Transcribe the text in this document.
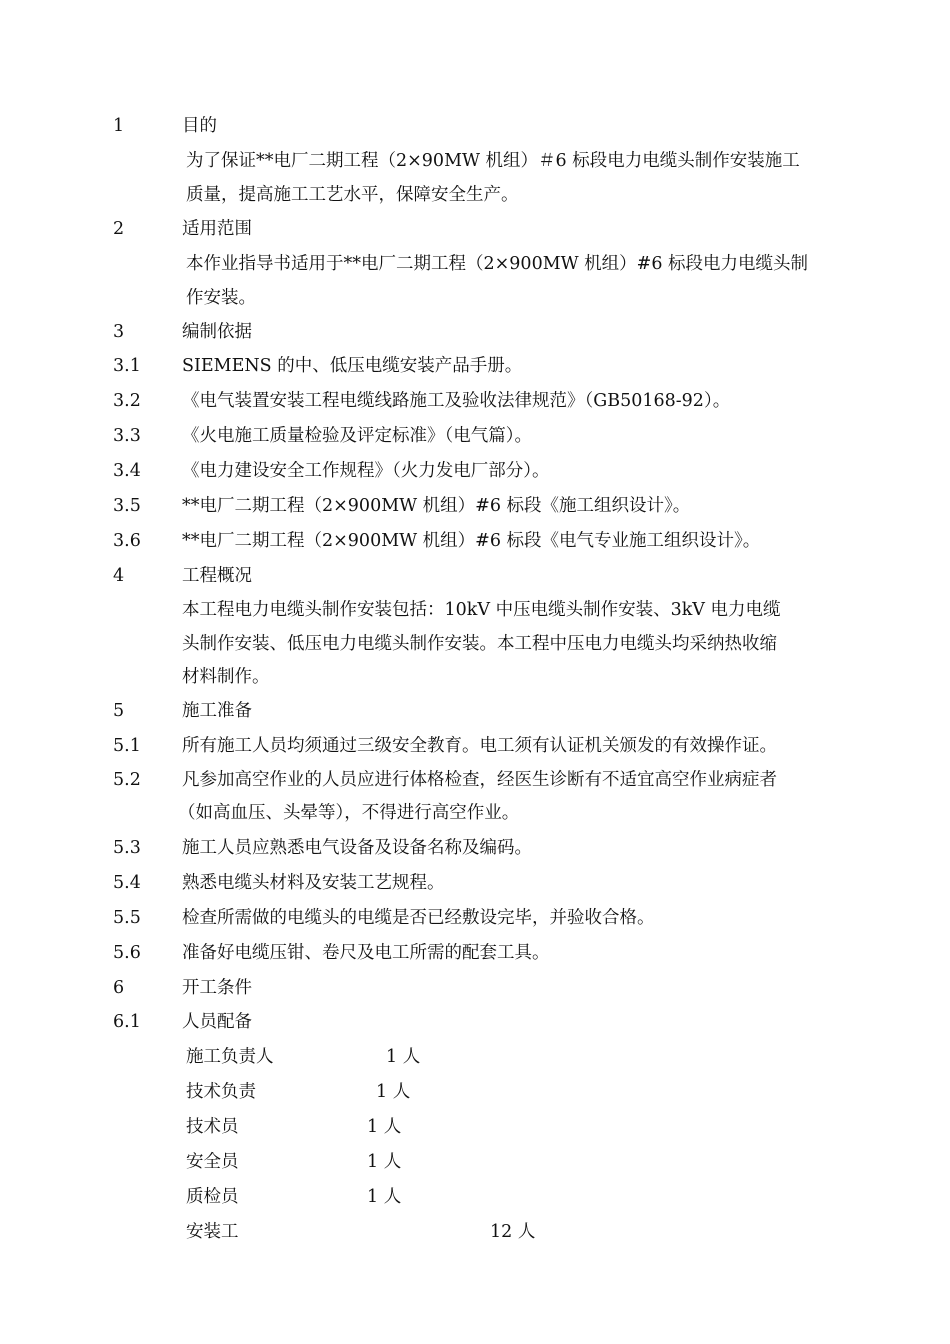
1	目的
为了保证**电厂二期工程（2×90MW 机组）＃6 标段电力电缆头制作安装施工
质量，提高施工工艺水平，保障安全生产。
2	适用范围
本作业指导书适用于**电厂二期工程（2×900MW 机组）#6 标段电力电缆头制
作安装。
3	编制依据
3.1 SIEMENS 的中、低压电缆安装产品手册。
3.2 《电气装置安装工程电缆线路施工及验收法律规范》（GB50168-92）。
3.3 《火电施工质量检验及评定标准》（电气篇）。
3.4 《电力建设安全工作规程》（火力发电厂部分）。
3.5 **电厂二期工程（2×900MW 机组）#6 标段《施工组织设计》。
3.6 **电厂二期工程（2×900MW 机组）#6 标段《电气专业施工组织设计》。
4	工程概况
本工程电力电缆头制作安装包括：10kV 中压电缆头制作安装、3kV 电力电缆
头制作安装、低压电力电缆头制作安装。本工程中压电力电缆头均采纳热收缩
材料制作。
5	施工准备
5.1 所有施工人员均须通过三级安全教育。电工须有认证机关颁发的有效操作证。
5.2 凡参加高空作业的人员应进行体格检查，经医生诊断有不适宜高空作业病症者
（如高血压、头晕等），不得进行高空作业。
5.3 施工人员应熟悉电气设备及设备名称及编码。
5.4 熟悉电缆头材料及安装工艺规程。
5.5 检查所需做的电缆头的电缆是否已经敷设完毕，并验收合格。
5.6 准备好电缆压钳、卷尺及电工所需的配套工具。
6	开工条件
6.1 人员配备
施工负责人	1 人
技术负责	1 人
技术员	1 人
安全员	1 人
质检员	1 人
安装工	12 人
